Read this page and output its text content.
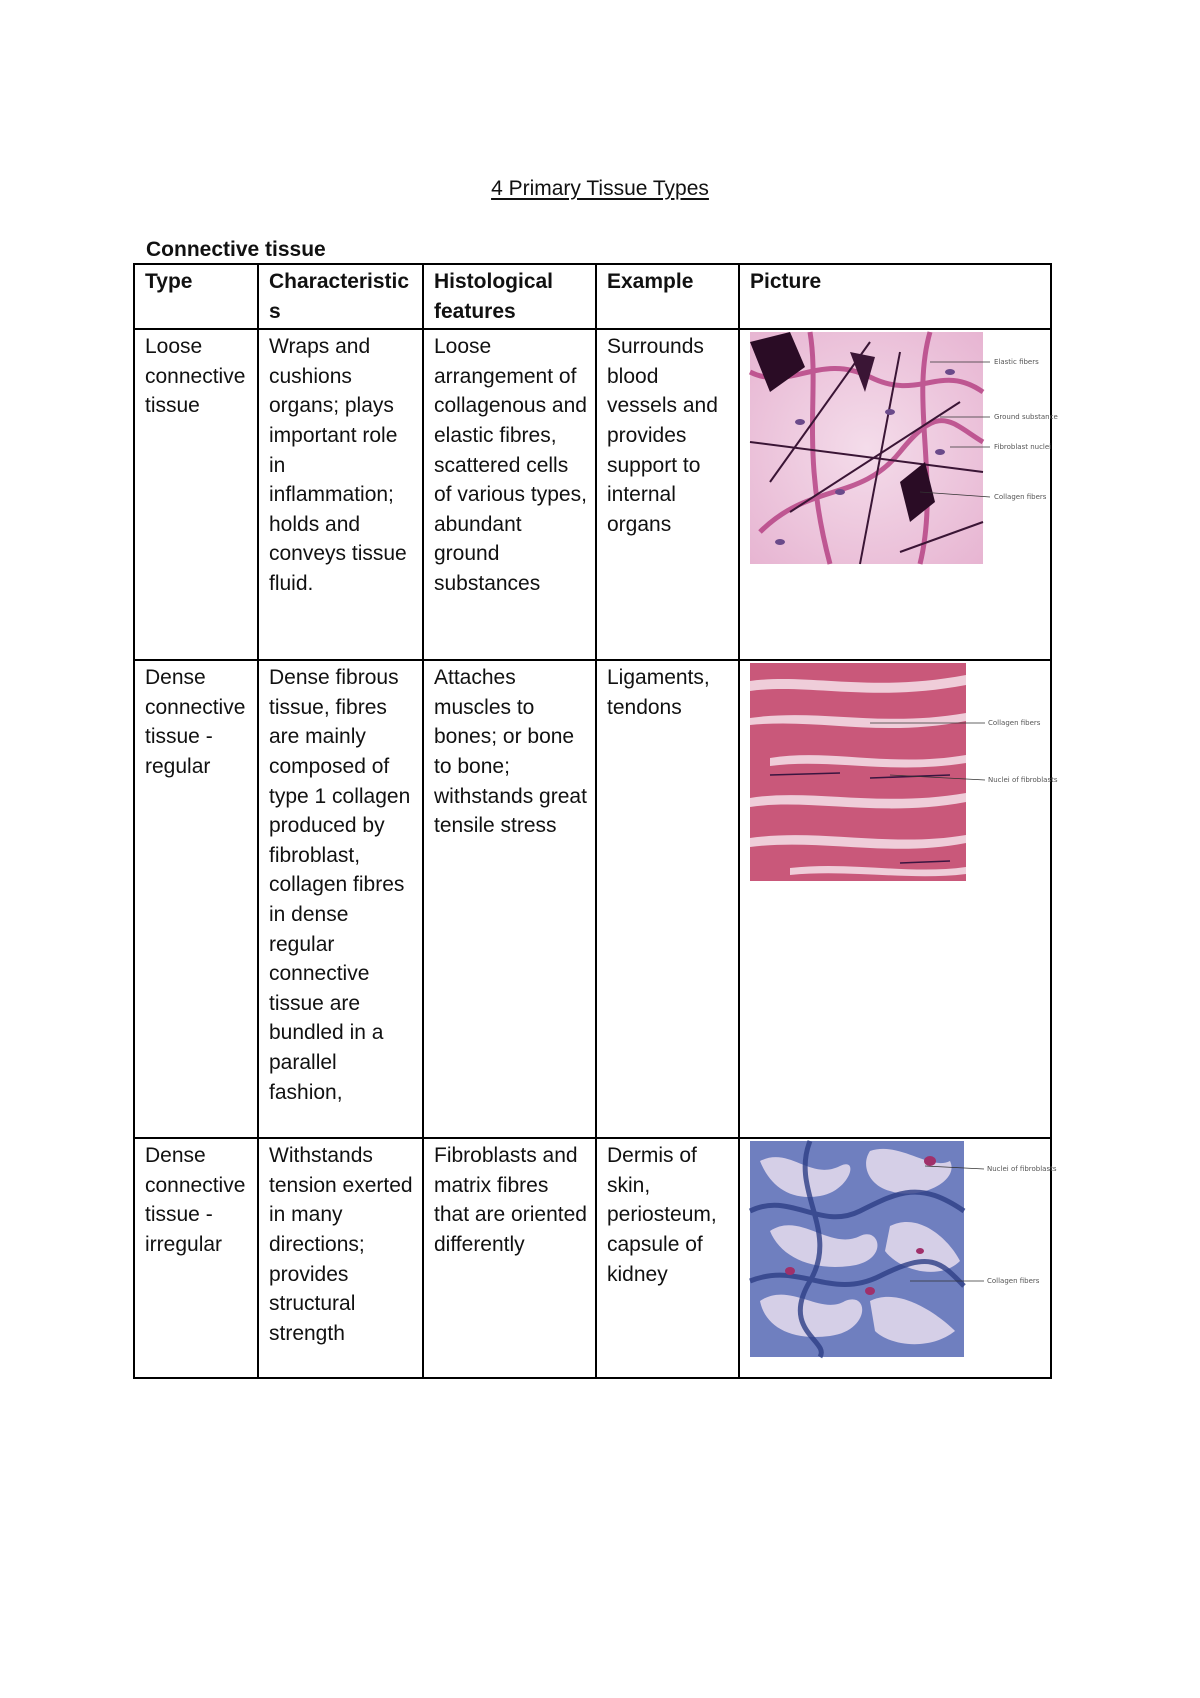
4 Primary Tissue Types
Connective tissue
Type	Characteristics	Histological features	Example	Picture
Loose connective tissue	Wraps and cushions organs; plays important role in inflammation; holds and conveys tissue fluid.	Loose arrangement of collagenous and elastic fibres, scattered cells of various types, abundant ground substances	Surrounds blood vessels and provides support to internal organs	Elastic fibers
Ground substance
Fibroblast nuclei
Collagen fibers

Dense connective tissue - regular	Dense fibrous tissue, fibres are mainly composed of type 1 collagen produced by fibroblast, collagen fibres in dense regular connective tissue are bundled in a parallel fashion,	Attaches muscles to bones; or bone to bone; withstands great tensile stress	Ligaments, tendons	Collagen fibers
Nuclei of fibroblasts

Dense connective tissue - irregular	Withstands tension exerted in many directions; provides structural strength	Fibroblasts and matrix fibres that are oriented differently	Dermis of skin, periosteum, capsule of kidney	Nuclei of fibroblasts
Collagen fibers
